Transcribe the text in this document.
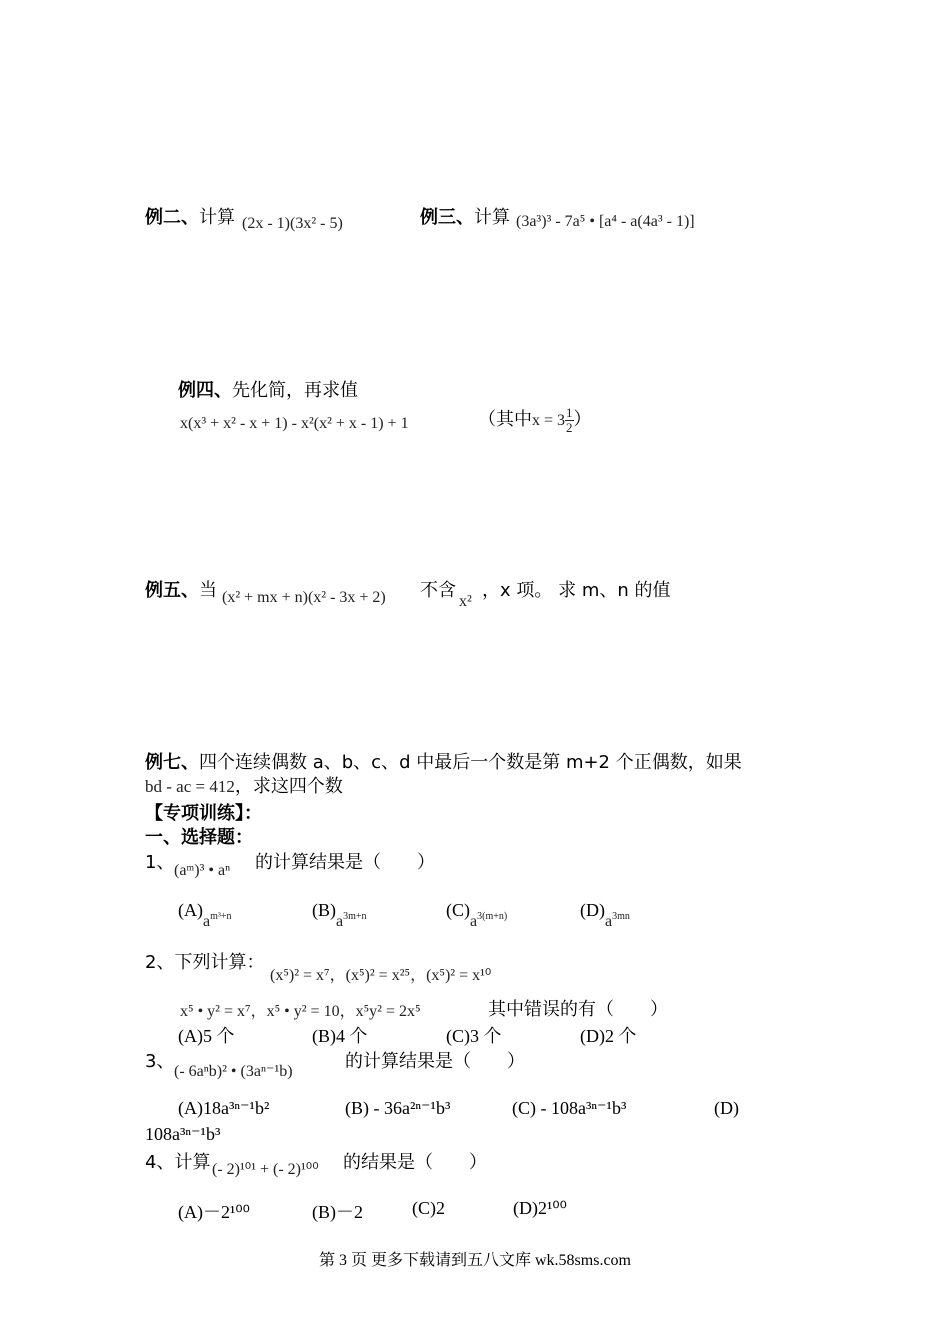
例二、计算 (2x - 1)(3x² - 5)	例三、计算 (3a³)³ - 7a⁵ • [a⁴ - a(4a³ - 1)]
例四、先化简，再求值
x(x³ + x² - x + 1) - x²(x² + x - 1) + 1	（其中$x = 3 \frac{1}{2}$）
例五、当 (x² + mx + n)(x² - 3x + 2) 不含
x²
，x 项。 求 m、n 的值
例七、四个连续偶数 a、b、c、d 中最后一个数是第 m+2 个正偶数，如果
bd - ac = 412，求这四个数
【专项训练】：
一、选择题：
1、 (aᵐ)³ • aⁿ 的计算结果是（　　）
(A)am³+n	(B)a3m+n	(C)a3(m+n)	(D)a3mn
2、下列计算：
(x⁵)² = x⁷，(x⁵)² = x²⁵，(x⁵)² = x¹⁰
x⁵ • y² = x⁷，x⁵ • y² = 10，x⁵y² = 2x⁵	其中错误的有（　　）
(A)5 个	(B)4 个	(C)3 个	(D)2 个
3、 (- 6aⁿb)² • (3aⁿ⁻¹b)	的计算结果是（　　）
(A)18a³ⁿ⁻¹b²	(B) - 36a²ⁿ⁻¹b³	(C) - 108a³ⁿ⁻¹b³	(D)
108a³ⁿ⁻¹b³
4、计算 (- 2)¹⁰¹ + (- 2)¹⁰⁰ 的结果是（　　）
(A)－2¹⁰⁰	(B)－2	(C)2	(D)2¹⁰⁰
第 3 页 更多下载请到五八文库 wk.58sms.com
